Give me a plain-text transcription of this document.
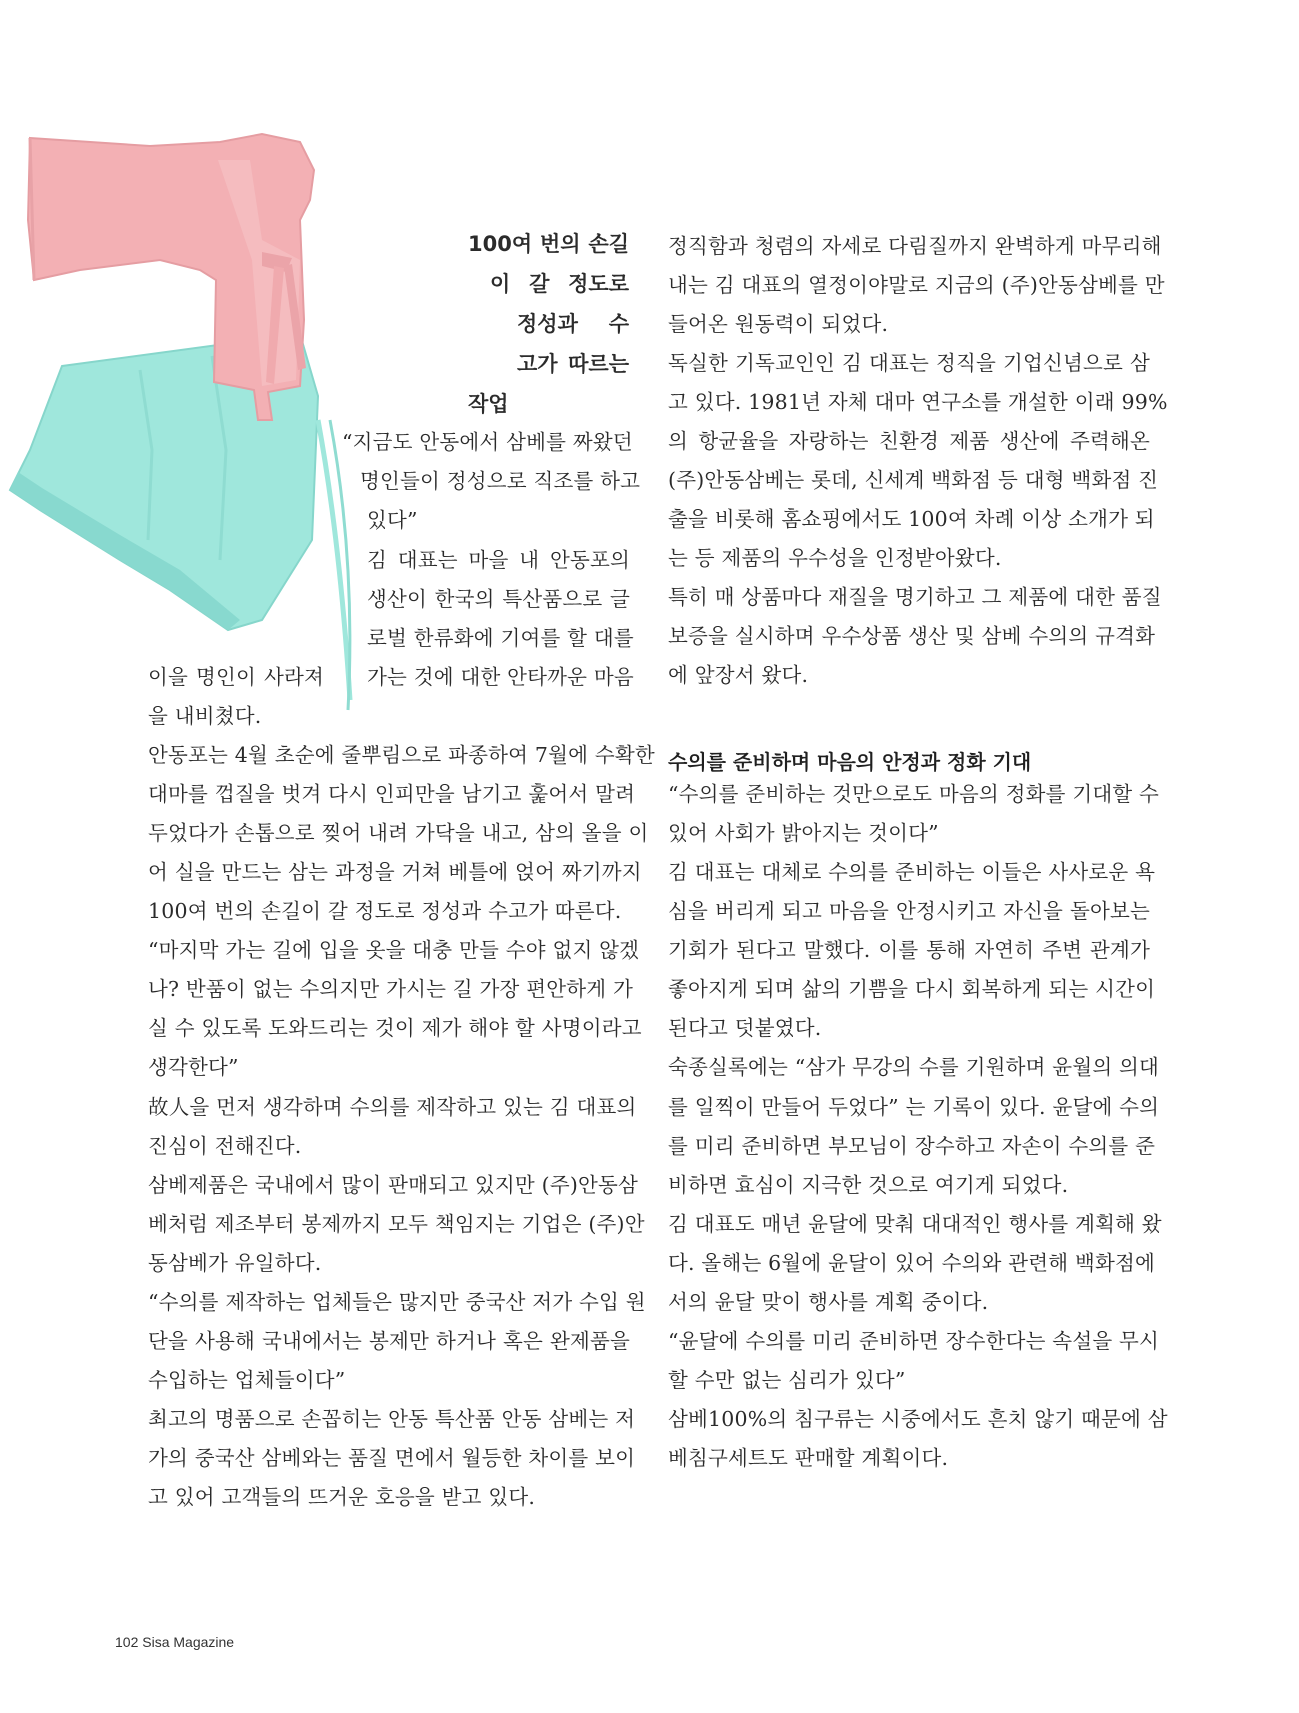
100여 번의 손길
이 갈 정도로
정성과 수
고가 따르는
작업
“지금도 안동에서 삼베를 짜왔던
명인들이 정성으로 직조를 하고
있다”
김 대표는 마을 내 안동포의
생산이 한국의 특산품으로 글
로벌 한류화에 기여를 할 대를
이을 명인이 사라져 가는 것에 대한 안타까운 마음
을 내비쳤다.
안동포는 4월 초순에 줄뿌림으로 파종하여 7월에 수확한
대마를 껍질을 벗겨 다시 인피만을 남기고 훑어서 말려
두었다가 손톱으로 찢어 내려 가닥을 내고, 삼의 올을 이
어 실을 만드는 삼는 과정을 거쳐 베틀에 얹어 짜기까지
100여 번의 손길이 갈 정도로 정성과 수고가 따른다.
“마지막 가는 길에 입을 옷을 대충 만들 수야 없지 않겠
나? 반품이 없는 수의지만 가시는 길 가장 편안하게 가
실 수 있도록 도와드리는 것이 제가 해야 할 사명이라고
생각한다”
故人을 먼저 생각하며 수의를 제작하고 있는 김 대표의
진심이 전해진다.
삼베제품은 국내에서 많이 판매되고 있지만 (주)안동삼
베처럼 제조부터 봉제까지 모두 책임지는 기업은 (주)안
동삼베가 유일하다.
“수의를 제작하는 업체들은 많지만 중국산 저가 수입 원
단을 사용해 국내에서는 봉제만 하거나 혹은 완제품을
수입하는 업체들이다”
최고의 명품으로 손꼽히는 안동 특산품 안동 삼베는 저
가의 중국산 삼베와는 품질 면에서 월등한 차이를 보이
고 있어 고객들의 뜨거운 호응을 받고 있다.
정직함과 청렴의 자세로 다림질까지 완벽하게 마무리해
내는 김 대표의 열정이야말로 지금의 (주)안동삼베를 만
들어온 원동력이 되었다.
독실한 기독교인인 김 대표는 정직을 기업신념으로 삼
고 있다. 1981년 자체 대마 연구소를 개설한 이래 99%
의 항균율을 자랑하는 친환경 제품 생산에 주력해온
(주)안동삼베는 롯데, 신세계 백화점 등 대형 백화점 진
출을 비롯해 홈쇼핑에서도 100여 차례 이상 소개가 되
는 등 제품의 우수성을 인정받아왔다.
특히 매 상품마다 재질을 명기하고 그 제품에 대한 품질
보증을 실시하며 우수상품 생산 및 삼베 수의의 규격화
에 앞장서 왔다.
수의를 준비하며 마음의 안정과 정화 기대
“수의를 준비하는 것만으로도 마음의 정화를 기대할 수
있어 사회가 밝아지는 것이다”
김 대표는 대체로 수의를 준비하는 이들은 사사로운 욕
심을 버리게 되고 마음을 안정시키고 자신을 돌아보는
기회가 된다고 말했다. 이를 통해 자연히 주변 관계가
좋아지게 되며 삶의 기쁨을 다시 회복하게 되는 시간이
된다고 덧붙였다.
숙종실록에는 “삼가 무강의 수를 기원하며 윤월의 의대
를 일찍이 만들어 두었다” 는 기록이 있다. 윤달에 수의
를 미리 준비하면 부모님이 장수하고 자손이 수의를 준
비하면 효심이 지극한 것으로 여기게 되었다.
김 대표도 매년 윤달에 맞춰 대대적인 행사를 계획해 왔
다. 올해는 6월에 윤달이 있어 수의와 관련해 백화점에
서의 윤달 맞이 행사를 계획 중이다.
“윤달에 수의를 미리 준비하면 장수한다는 속설을 무시
할 수만 없는 심리가 있다”
삼베100%의 침구류는 시중에서도 흔치 않기 때문에 삼
베침구세트도 판매할 계획이다.
102 Sisa Magazine
